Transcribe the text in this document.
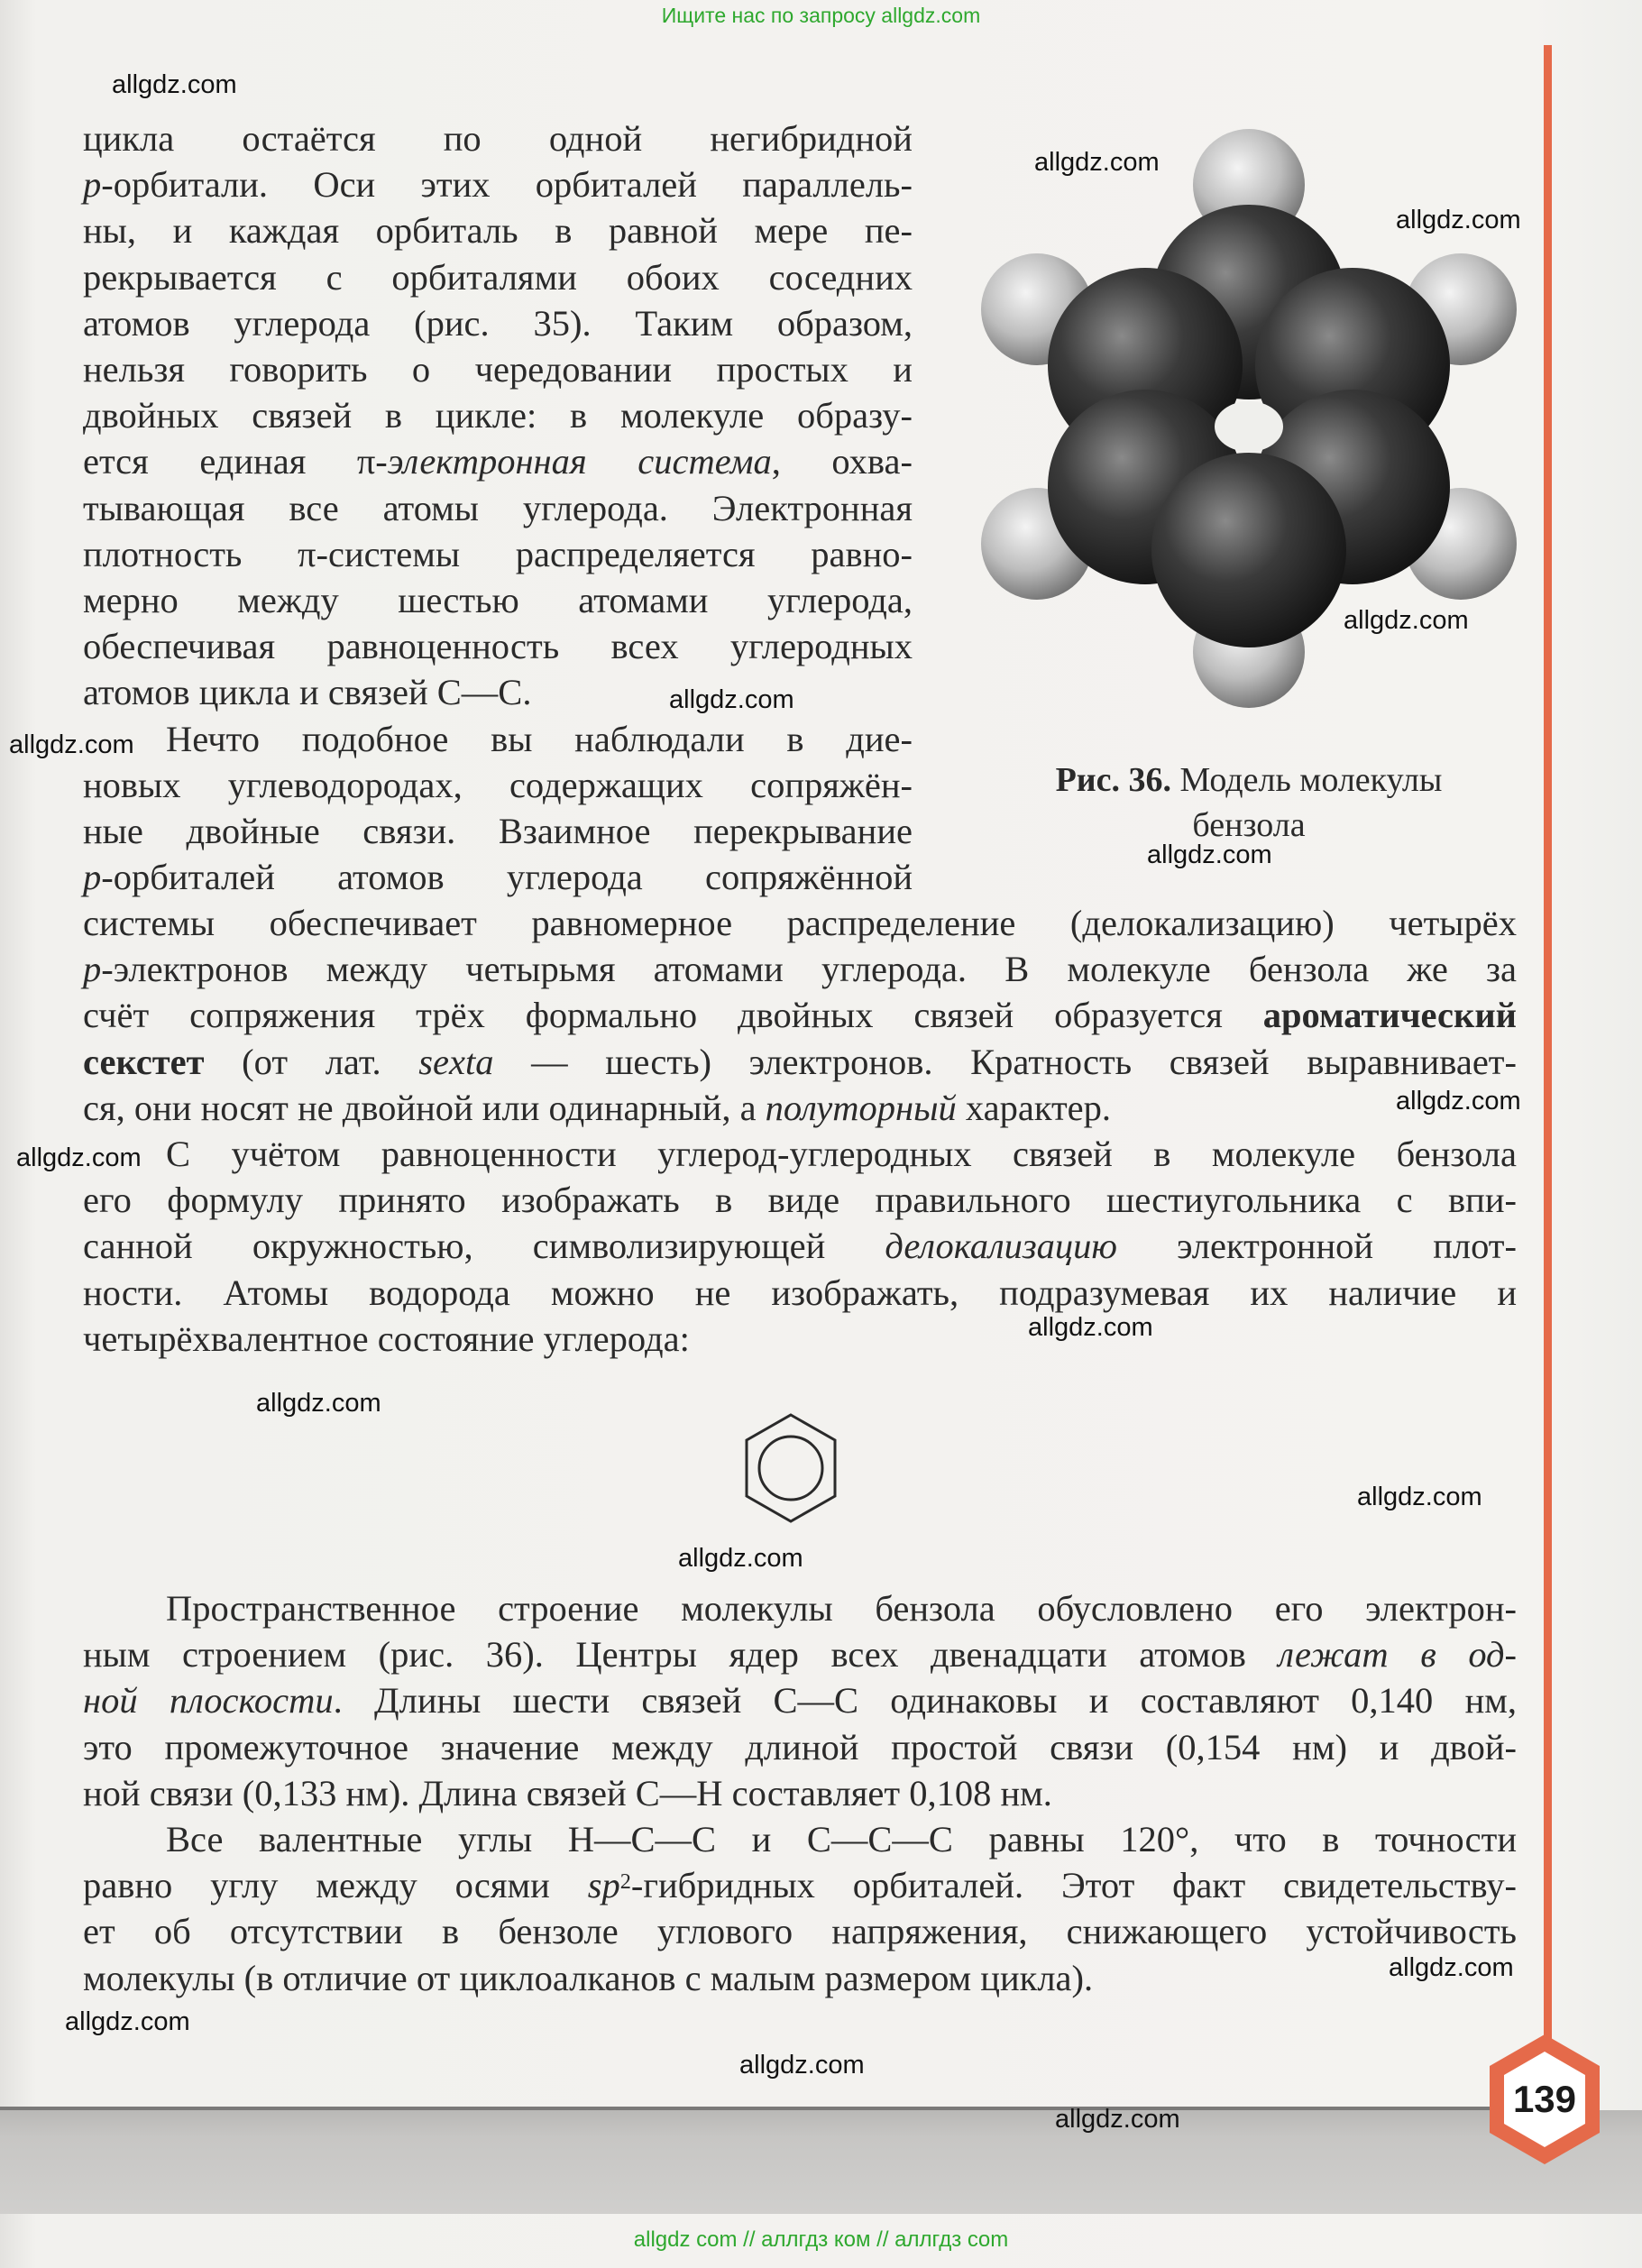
Ищите нас по запросу allgdz.com
цикла остаётся по одной негибридной
p-орбитали. Оси этих орбиталей параллель-
ны, и каждая орбиталь в равной мере пе-
рекрывается с орбиталями обоих соседних
атомов углерода (рис. 35). Таким образом,
нельзя говорить о чередовании простых и
двойных связей в цикле: в молекуле образу-
ется единая π-электронная система, охва-
тывающая все атомы углерода. Электронная
плотность π-системы распределяется равно-
мерно между шестью атомами углерода,
обеспечивая равноценность всех углеродных
атомов цикла и связей С—С.
Нечто подобное вы наблюдали в дие-
новых углеводородах, содержащих сопряжён-
ные двойные связи. Взаимное перекрывание
p-орбиталей атомов углерода сопряжённой
системы обеспечивает равномерное распределение (делокализацию) четырёх
p-электронов между четырьмя атомами углерода. В молекуле бензола же за
счёт сопряжения трёх формально двойных связей образуется ароматический
секстет (от лат. sexta — шесть) электронов. Кратность связей выравнивает-
ся, они носят не двойной или одинарный, а полуторный характер.
С учётом равноценности углерод-углеродных связей в молекуле бензола
его формулу принято изображать в виде правильного шестиугольника с впи-
санной окружностью, символизирующей делокализацию электронной плот-
ности. Атомы водорода можно не изображать, подразумевая их наличие и
четырёхвалентное состояние углерода:
Пространственное строение молекулы бензола обусловлено его электрон-
ным строением (рис. 36). Центры ядер всех двенадцати атомов лежат в од-
ной плоскости. Длины шести связей С—С одинаковы и составляют 0,140 нм,
это промежуточное значение между длиной простой связи (0,154 нм) и двой-
ной связи (0,133 нм). Длина связей С—Н составляет 0,108 нм.
Все валентные углы Н—С—С и С—С—С равны 120°, что в точности
равно углу между осями $sp^2$-гибридных орбиталей. Этот факт свидетельству-
ет об отсутствии в бензоле углового напряжения, снижающего устойчивость
молекулы (в отличие от циклоалканов с малым размером цикла).
Рис. 36. Модель молекулы
бензола
139
allgdz.com
allgdz.com
allgdz.com
allgdz.com
allgdz.com
allgdz.com
allgdz.com
allgdz.com
allgdz.com
allgdz.com
allgdz.com
allgdz.com
allgdz.com
allgdz.com
allgdz.com
allgdz.com
allgdz.com
allgdz com // аллгдз ком // аллгдз com
